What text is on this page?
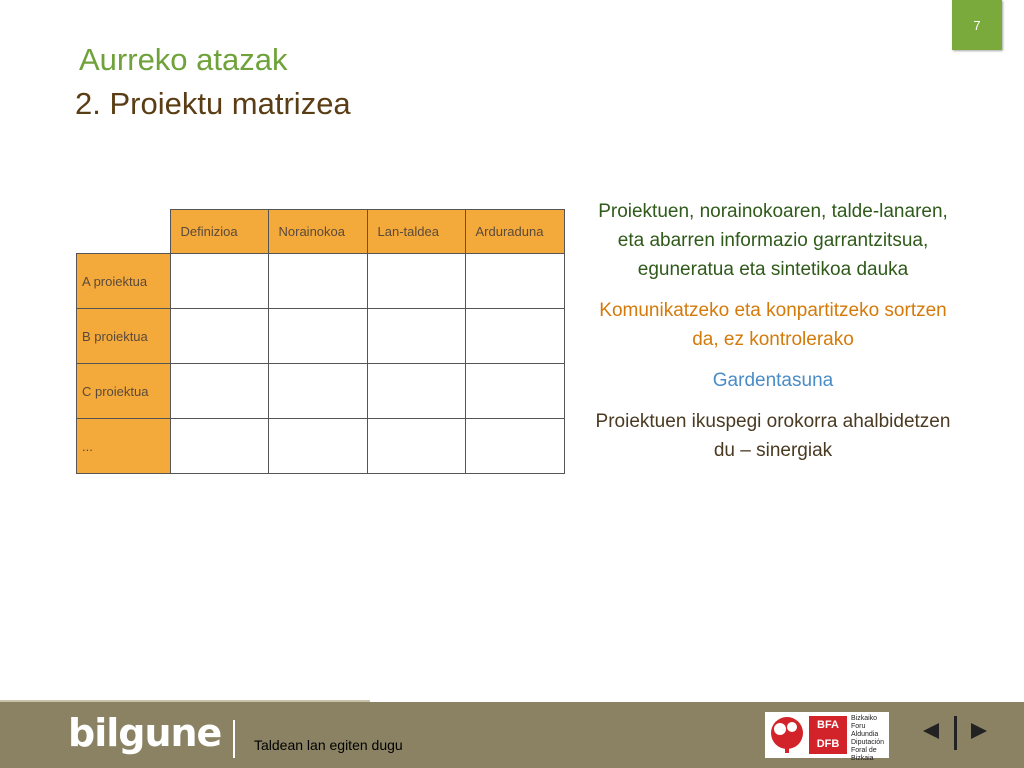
7
Aurreko atazak
2. Proiektu matrizea
	Definizioa	Norainokoa	Lan-taldea	Arduraduna
A proiektua				
B proiektua				
C proiektua				
...				

Proiektuen, norainokoaren, talde-lanaren, eta abarren informazio garrantzitsua, eguneratua eta sintetikoa dauka

Komunikatzeko eta konpartitzeko sortzen da, ez kontrolerako

Gardentasuna

Proiektuen ikuspegi orokorra ahalbidetzen du – sinergiak

bilgune Taldean lan egiten dugu
BFA DFB
Bizkaiko Foru
Aldundia
Diputación
Foral de Bizkaia
